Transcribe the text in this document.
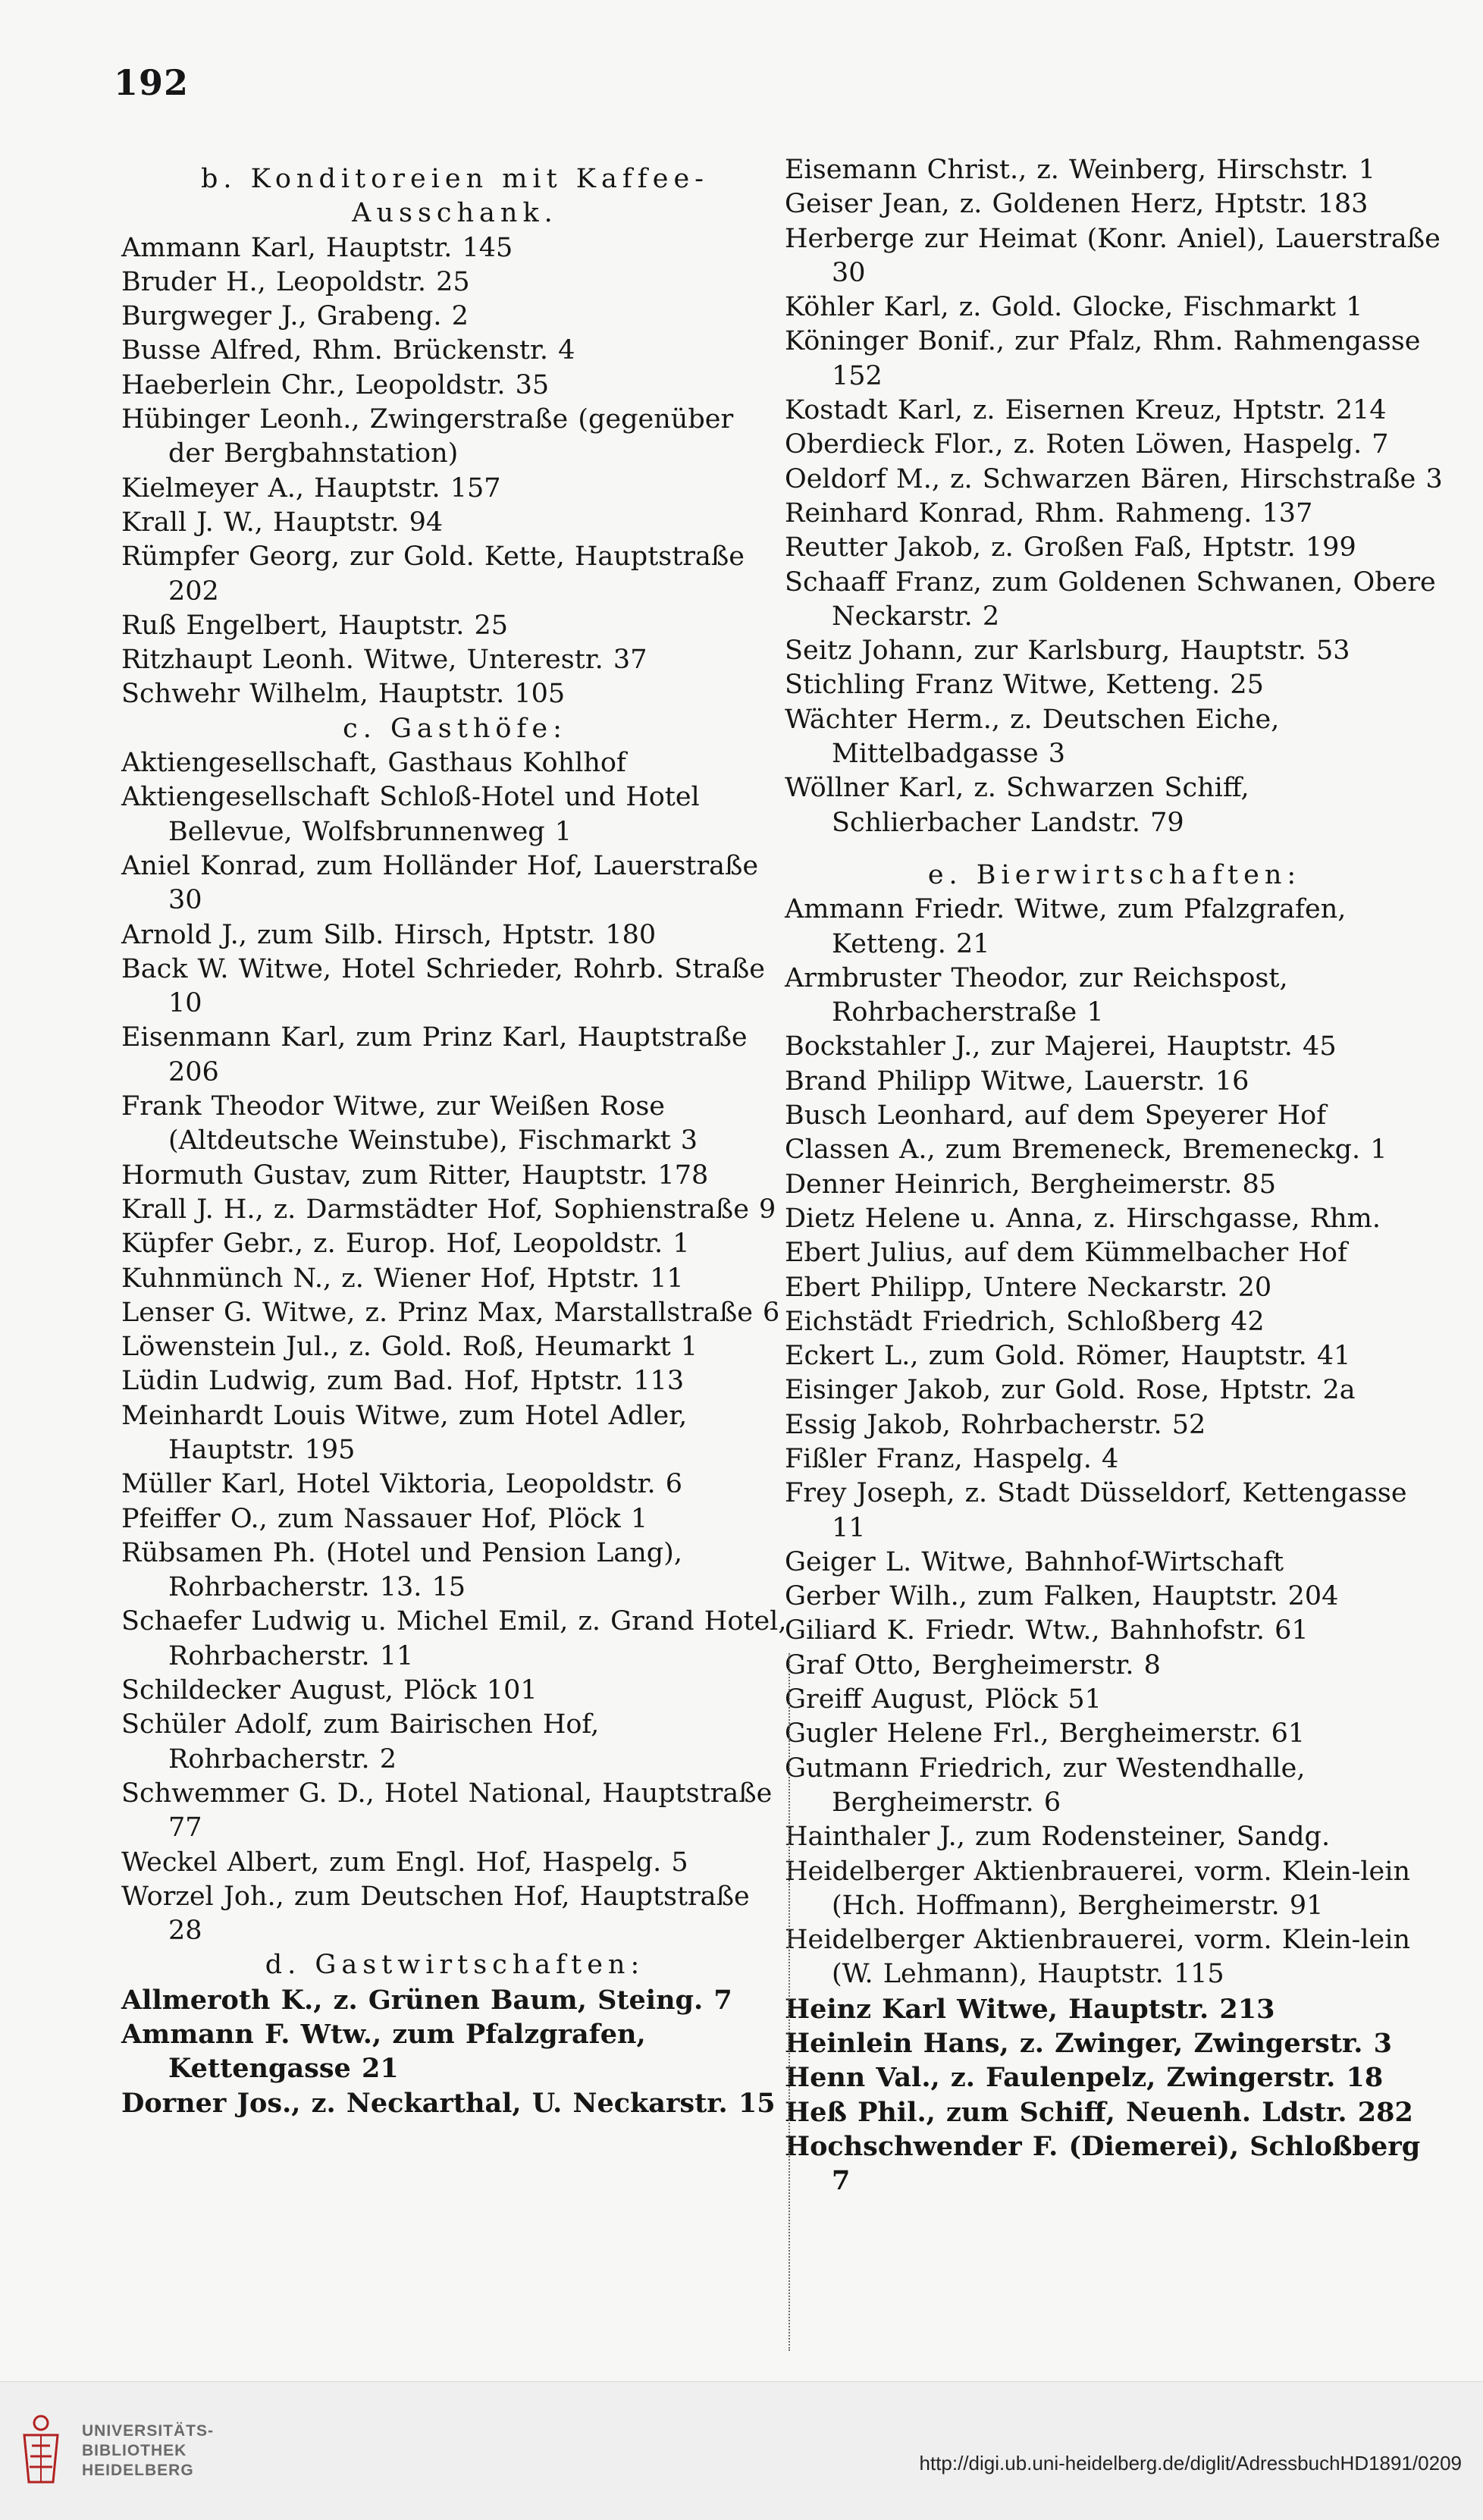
192

b. Konditoreien mit Kaffee-

Ausschank.

Ammann Karl, Hauptstr. 145

Bruder H., Leopoldstr. 25

Burgweger J., Grabeng. 2

Busse Alfred, Rhm. Brückenstr. 4

Haeberlein Chr., Leopoldstr. 35

Hübinger Leonh., Zwingerstraße (gegenüber der Bergbahnstation)

Kielmeyer A., Hauptstr. 157

Krall J. W., Hauptstr. 94

Rümpfer Georg, zur Gold. Kette, Hauptstraße 202

Ruß Engelbert, Hauptstr. 25

Ritzhaupt Leonh. Witwe, Unterestr. 37

Schwehr Wilhelm, Hauptstr. 105

c. Gasthöfe:

Aktiengesellschaft, Gasthaus Kohlhof

Aktiengesellschaft Schloß-Hotel und Hotel Bellevue, Wolfsbrunnenweg 1

Aniel Konrad, zum Holländer Hof, Lauerstraße 30

Arnold J., zum Silb. Hirsch, Hptstr. 180

Back W. Witwe, Hotel Schrieder, Rohrb. Straße 10

Eisenmann Karl, zum Prinz Karl, Hauptstraße 206

Frank Theodor Witwe, zur Weißen Rose (Altdeutsche Weinstube), Fischmarkt 3

Hormuth Gustav, zum Ritter, Hauptstr. 178

Krall J. H., z. Darmstädter Hof, Sophienstraße 9

Küpfer Gebr., z. Europ. Hof, Leopoldstr. 1

Kuhnmünch N., z. Wiener Hof, Hptstr. 11

Lenser G. Witwe, z. Prinz Max, Marstallstraße 6

Löwenstein Jul., z. Gold. Roß, Heumarkt 1

Lüdin Ludwig, zum Bad. Hof, Hptstr. 113

Meinhardt Louis Witwe, zum Hotel Adler, Hauptstr. 195

Müller Karl, Hotel Viktoria, Leopoldstr. 6

Pfeiffer O., zum Nassauer Hof, Plöck 1

Rübsamen Ph. (Hotel und Pension Lang), Rohrbacherstr. 13. 15

Schaefer Ludwig u. Michel Emil, z. Grand Hotel, Rohrbacherstr. 11

Schildecker August, Plöck 101

Schüler Adolf, zum Bairischen Hof, Rohrbacherstr. 2

Schwemmer G. D., Hotel National, Hauptstraße 77

Weckel Albert, zum Engl. Hof, Haspelg. 5

Worzel Joh., zum Deutschen Hof, Hauptstraße 28

d. Gastwirtschaften:

Allmeroth K., z. Grünen Baum, Steing. 7

Ammann F. Wtw., zum Pfalzgrafen, Kettengasse 21

Dorner Jos., z. Neckarthal, U. Neckarstr. 15

Eisemann Christ., z. Weinberg, Hirschstr. 1

Geiser Jean, z. Goldenen Herz, Hptstr. 183

Herberge zur Heimat (Konr. Aniel), Lauerstraße 30

Köhler Karl, z. Gold. Glocke, Fischmarkt 1

Köninger Bonif., zur Pfalz, Rhm. Rahmengasse 152

Kostadt Karl, z. Eisernen Kreuz, Hptstr. 214

Oberdieck Flor., z. Roten Löwen, Haspelg. 7

Oeldorf M., z. Schwarzen Bären, Hirschstraße 3

Reinhard Konrad, Rhm. Rahmeng. 137

Reutter Jakob, z. Großen Faß, Hptstr. 199

Schaaff Franz, zum Goldenen Schwanen, Obere Neckarstr. 2

Seitz Johann, zur Karlsburg, Hauptstr. 53

Stichling Franz Witwe, Ketteng. 25

Wächter Herm., z. Deutschen Eiche, Mittelbadgasse 3

Wöllner Karl, z. Schwarzen Schiff, Schlierbacher Landstr. 79

e. Bierwirtschaften:

Ammann Friedr. Witwe, zum Pfalzgrafen, Ketteng. 21

Armbruster Theodor, zur Reichspost, Rohrbacherstraße 1

Bockstahler J., zur Majerei, Hauptstr. 45

Brand Philipp Witwe, Lauerstr. 16

Busch Leonhard, auf dem Speyerer Hof

Classen A., zum Bremeneck, Bremeneckg. 1

Denner Heinrich, Bergheimerstr. 85

Dietz Helene u. Anna, z. Hirschgasse, Rhm.

Ebert Julius, auf dem Kümmelbacher Hof

Ebert Philipp, Untere Neckarstr. 20

Eichstädt Friedrich, Schloßberg 42

Eckert L., zum Gold. Römer, Hauptstr. 41

Eisinger Jakob, zur Gold. Rose, Hptstr. 2a

Essig Jakob, Rohrbacherstr. 52

Fißler Franz, Haspelg. 4

Frey Joseph, z. Stadt Düsseldorf, Kettengasse 11

Geiger L. Witwe, Bahnhof-Wirtschaft

Gerber Wilh., zum Falken, Hauptstr. 204

Giliard K. Friedr. Wtw., Bahnhofstr. 61

Graf Otto, Bergheimerstr. 8

Greiff August, Plöck 51

Gugler Helene Frl., Bergheimerstr. 61

Gutmann Friedrich, zur Westendhalle, Bergheimerstr. 6

Hainthaler J., zum Rodensteiner, Sandg.

Heidelberger Aktienbrauerei, vorm. Klein-lein (Hch. Hoffmann), Bergheimerstr. 91

Heidelberger Aktienbrauerei, vorm. Klein-lein (W. Lehmann), Hauptstr. 115

Heinz Karl Witwe, Hauptstr. 213

Heinlein Hans, z. Zwinger, Zwingerstr. 3

Henn Val., z. Faulenpelz, Zwingerstr. 18

Heß Phil., zum Schiff, Neuenh. Ldstr. 282

Hochschwender F. (Diemerei), Schloßberg 7

UNIVERSITÄTS-
BIBLIOTHEK
HEIDELBERG	http://digi.ub.uni-heidelberg.de/diglit/AdressbuchHD1891/0209
